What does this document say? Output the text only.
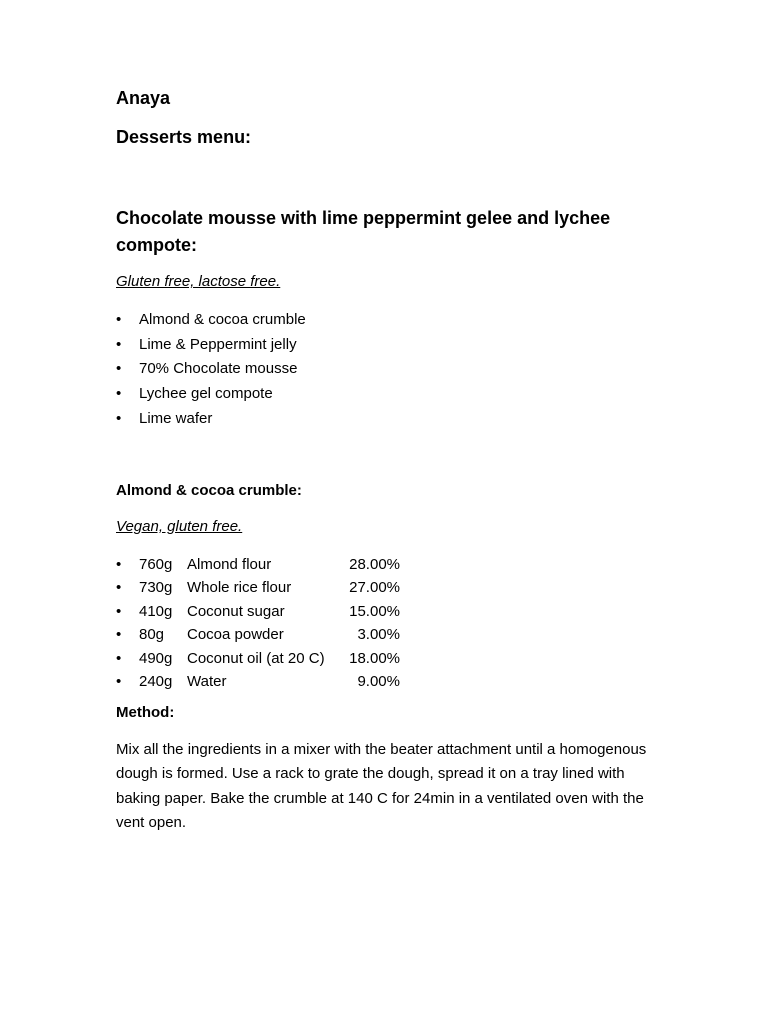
Anaya
Desserts menu:
Chocolate mousse with lime peppermint gelee and lychee compote:
Gluten free, lactose free.
• Almond & cocoa crumble
• Lime & Peppermint jelly
• 70% Chocolate mousse
• Lychee gel compote
• Lime wafer
Almond & cocoa crumble:
Vegan, gluten free.
• 760g Almond flour	28.00%
• 730g Whole rice flour	27.00%
• 410g Coconut sugar	15.00%
• 80g Cocoa powder	3.00%
• 490g Coconut oil (at 20 C) 18.00%
• 240g Water	9.00%
Method:
Mix all the ingredients in a mixer with the beater attachment until a homogenous dough is formed. Use a rack to grate the dough, spread it on a tray lined with baking paper. Bake the crumble at 140 C for 24min in a ventilated oven with the vent open.
